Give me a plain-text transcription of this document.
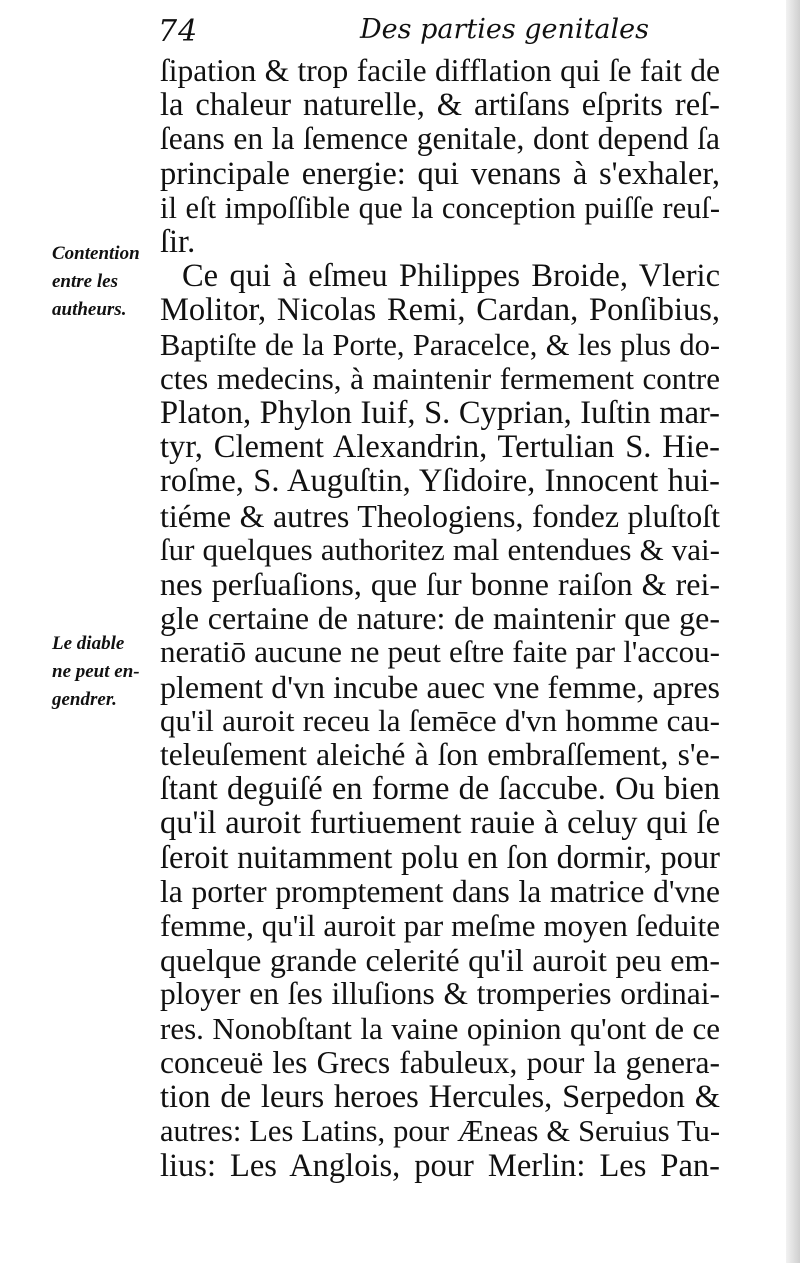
74	Des parties genitales
ſipation & trop facile difflation qui ſe fait de
la chaleur naturelle, & artiſans eſprits reſ-
ſeans en la ſemence genitale, dont depend ſa
principale energie: qui venans à s'exhaler,
il eſt impoſſible que la conception puiſſe reuſ-
ſir.
Ce qui à eſmeu Philippes Broide, Vleric
Molitor, Nicolas Remi, Cardan, Ponſibius,
Baptiſte de la Porte, Paracelce, & les plus do-
ctes medecins, à maintenir fermement contre
Platon, Phylon Iuif, S. Cyprian, Iuſtin mar-
tyr, Clement Alexandrin, Tertulian S. Hie-
roſme, S. Auguſtin, Yſidoire, Innocent hui-
tiéme & autres Theologiens, fondez pluſtoſt
ſur quelques authoritez mal entendues & vai-
nes perſuaſions, que ſur bonne raiſon & rei-
gle certaine de nature: de maintenir que ge-
neratiō aucune ne peut eſtre faite par l'accou-
plement d'vn incube auec vne femme, apres
qu'il auroit receu la ſemēce d'vn homme cau-
teleuſement aleiché à ſon embraſſement, s'e-
ſtant deguiſé en forme de ſaccube. Ou bien
qu'il auroit furtiuement rauie à celuy qui ſe
ſeroit nuitamment polu en ſon dormir, pour
la porter promptement dans la matrice d'vne
femme, qu'il auroit par meſme moyen ſeduite
quelque grande celerité qu'il auroit peu em-
ployer en ſes illuſions & tromperies ordinai-
res. Nonobſtant la vaine opinion qu'ont de ce
conceuë les Grecs fabuleux, pour la genera-
tion de leurs heroes Hercules, Serpedon &
autres: Les Latins, pour Æneas & Seruius Tu-
lius: Les Anglois, pour Merlin: Les Pan-
Contention
entre les
autheurs.
Le diable
ne peut en-
gendrer.
